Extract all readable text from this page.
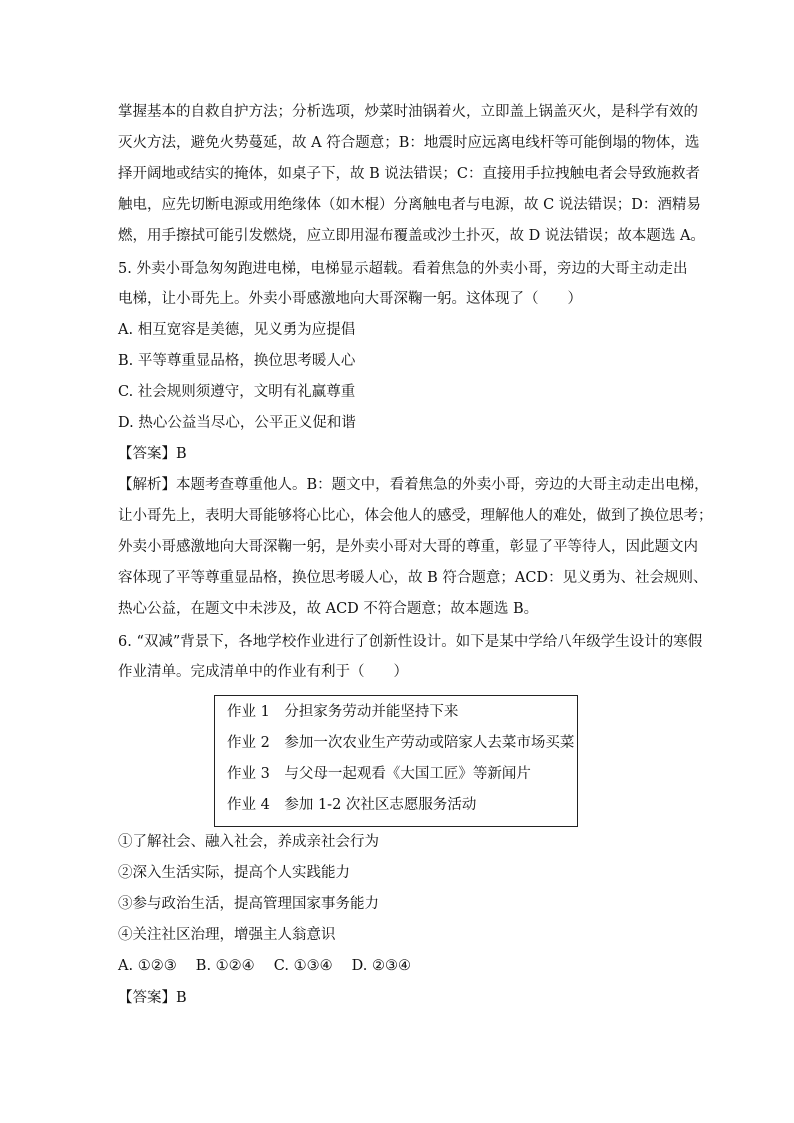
掌握基本的自救自护方法；分析选项，炒菜时油锅着火，立即盖上锅盖灭火，是科学有效的
灭火方法，避免火势蔓延，故 A 符合题意；B：地震时应远离电线杆等可能倒塌的物体，选
择开阔地或结实的掩体，如桌子下，故 B 说法错误；C：直接用手拉拽触电者会导致施救者
触电，应先切断电源或用绝缘体（如木棍）分离触电者与电源，故 C 说法错误；D：酒精易
燃，用手擦拭可能引发燃烧，应立即用湿布覆盖或沙土扑灭，故 D 说法错误；故本题选 A。
5. 外卖小哥急匆匆跑进电梯，电梯显示超载。看着焦急的外卖小哥，旁边的大哥主动走出
电梯，让小哥先上。外卖小哥感激地向大哥深鞠一躬。这体现了（　　）
A. 相互宽容是美德，见义勇为应提倡
B. 平等尊重显品格，换位思考暖人心
C. 社会规则须遵守，文明有礼赢尊重
D. 热心公益当尽心，公平正义促和谐
【答案】B
【解析】本题考查尊重他人。B：题文中，看着焦急的外卖小哥，旁边的大哥主动走出电梯，
让小哥先上，表明大哥能够将心比心，体会他人的感受，理解他人的难处，做到了换位思考；
外卖小哥感激地向大哥深鞠一躬，是外卖小哥对大哥的尊重，彰显了平等待人，因此题文内
容体现了平等尊重显品格，换位思考暖人心，故 B 符合题意；ACD：见义勇为、社会规则、
热心公益，在题文中未涉及，故 ACD 不符合题意；故本题选 B。
6. “双减”背景下，各地学校作业进行了创新性设计。如下是某中学给八年级学生设计的寒假
作业清单。完成清单中的作业有利于（　　）
作业 1　分担家务劳动并能坚持下来
作业 2　参加一次农业生产劳动或陪家人去菜市场买菜
作业 3　与父母一起观看《大国工匠》等新闻片
作业 4　参加 1-2 次社区志愿服务活动
①了解社会、融入社会，养成亲社会行为
②深入生活实际，提高个人实践能力
③参与政治生活，提高管理国家事务能力
④关注社区治理，增强主人翁意识
A. ①②③　 B. ①②④　 C. ①③④　 D. ②③④
【答案】B
